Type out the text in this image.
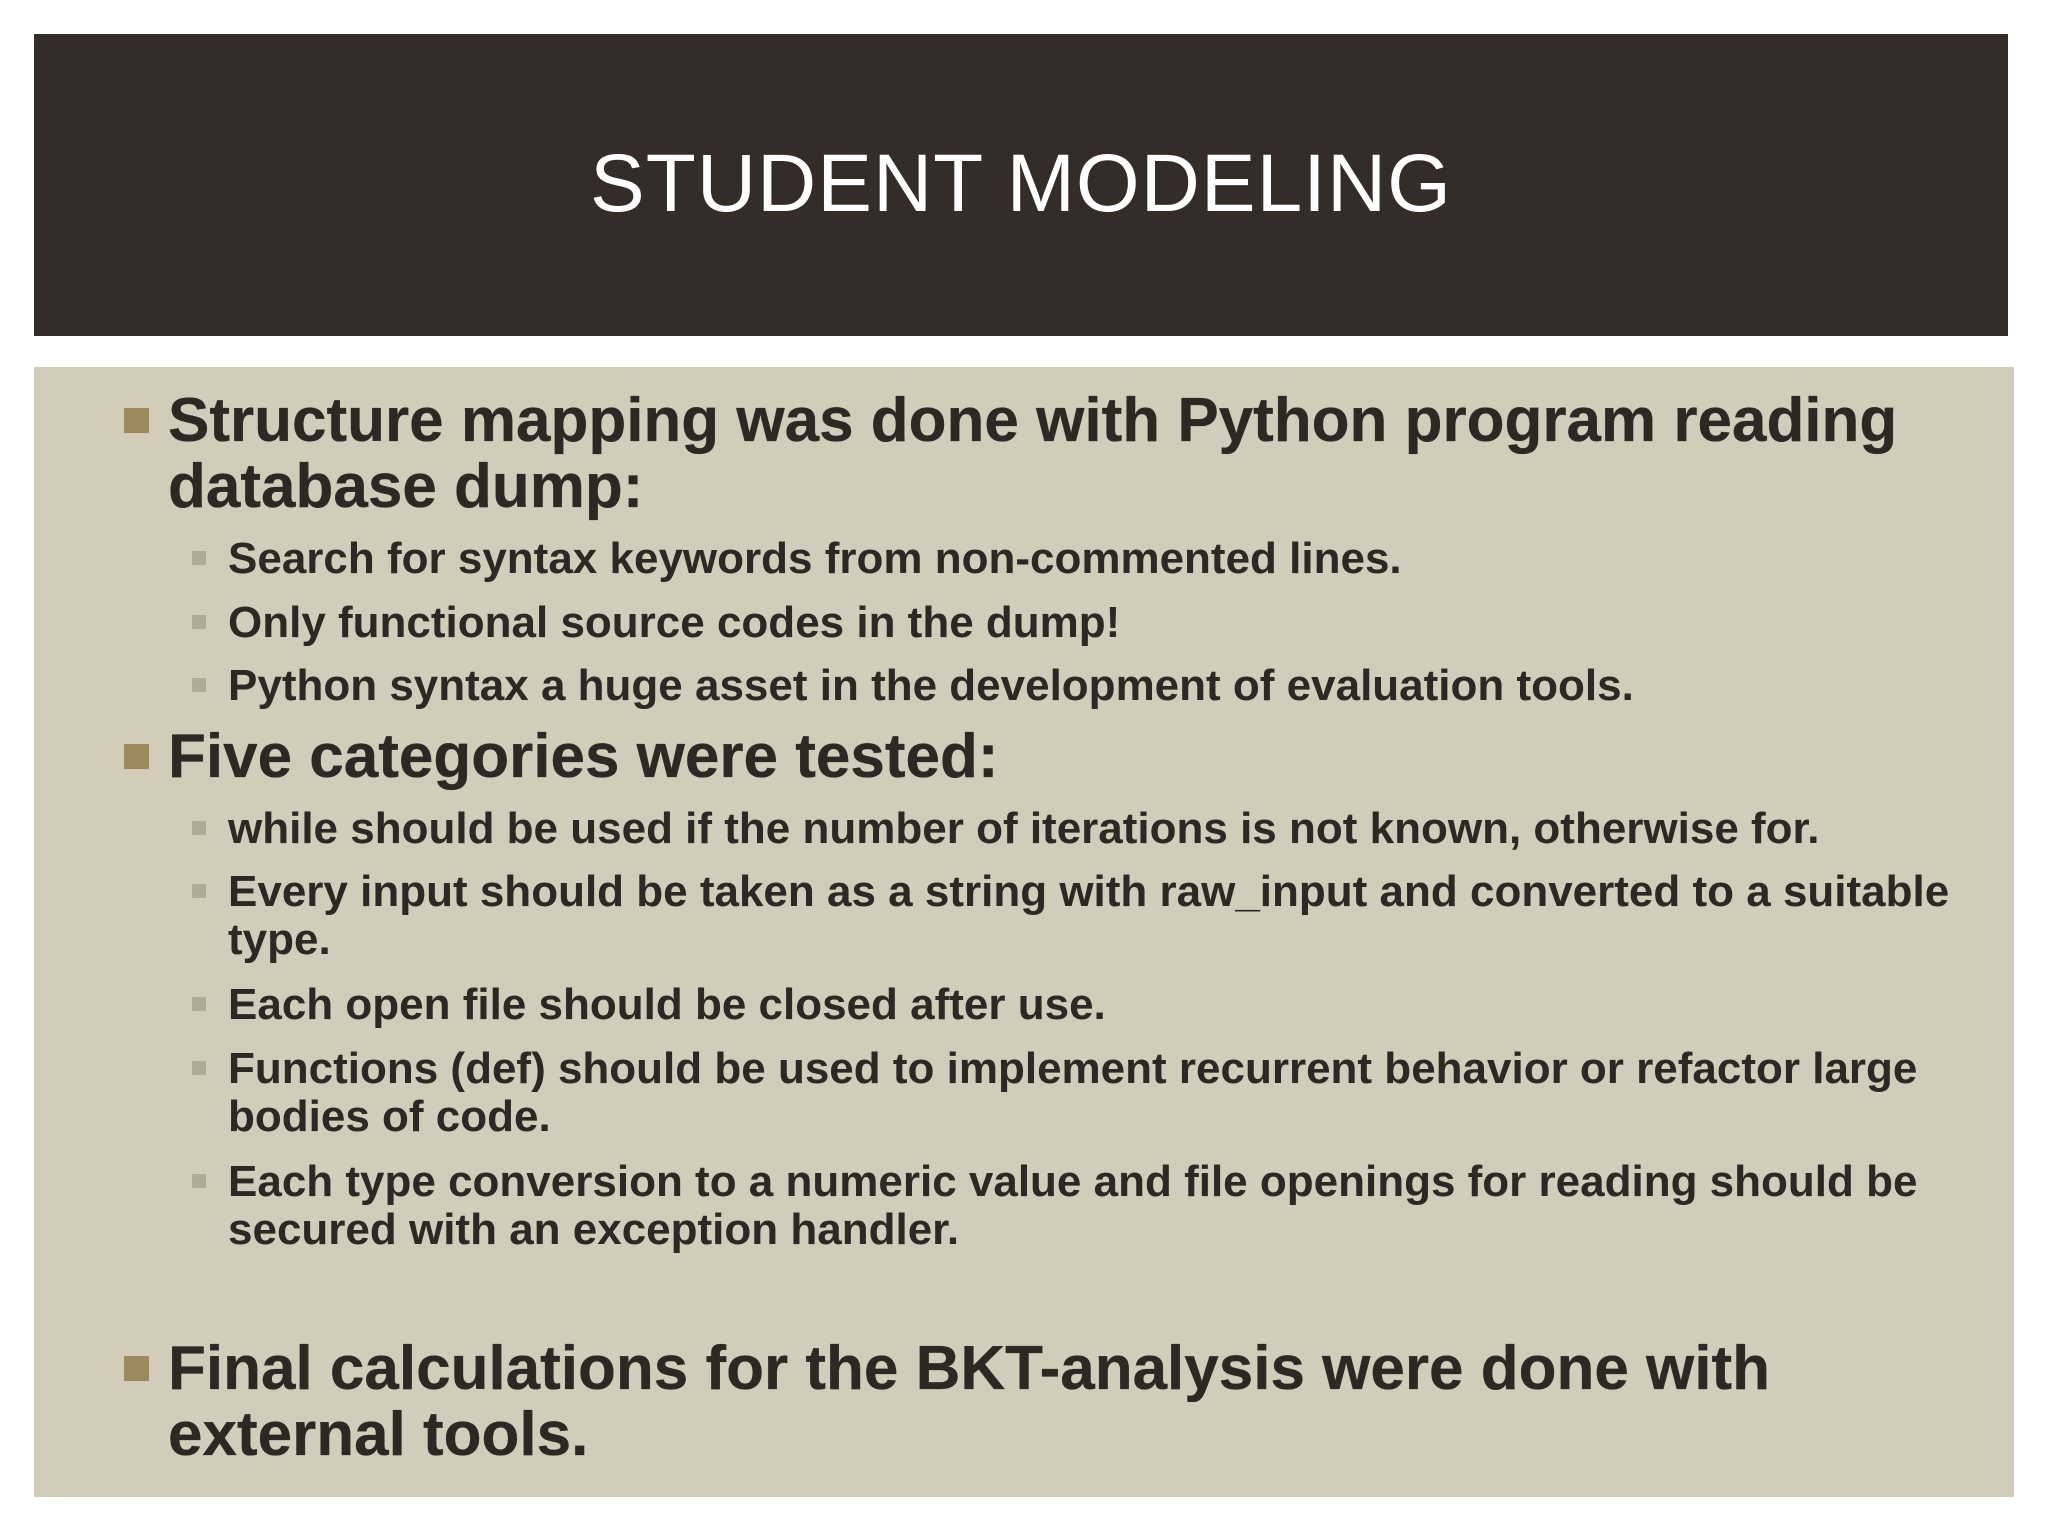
STUDENT MODELING
Structure mapping was done with Python program reading database dump:
Search for syntax keywords from non-commented lines.
Only functional source codes in the dump!
Python syntax a huge asset in the development of evaluation tools.
Five categories were tested:
while should be used if the number of iterations is not known, otherwise for.
Every input should be taken as a string with raw_input and converted to a suitable type.
Each open file should be closed after use.
Functions (def) should be used to implement recurrent behavior or refactor large bodies of code.
Each type conversion to a numeric value and file openings for reading should be secured with an exception handler.
Final calculations for the BKT-analysis were done with external tools.
